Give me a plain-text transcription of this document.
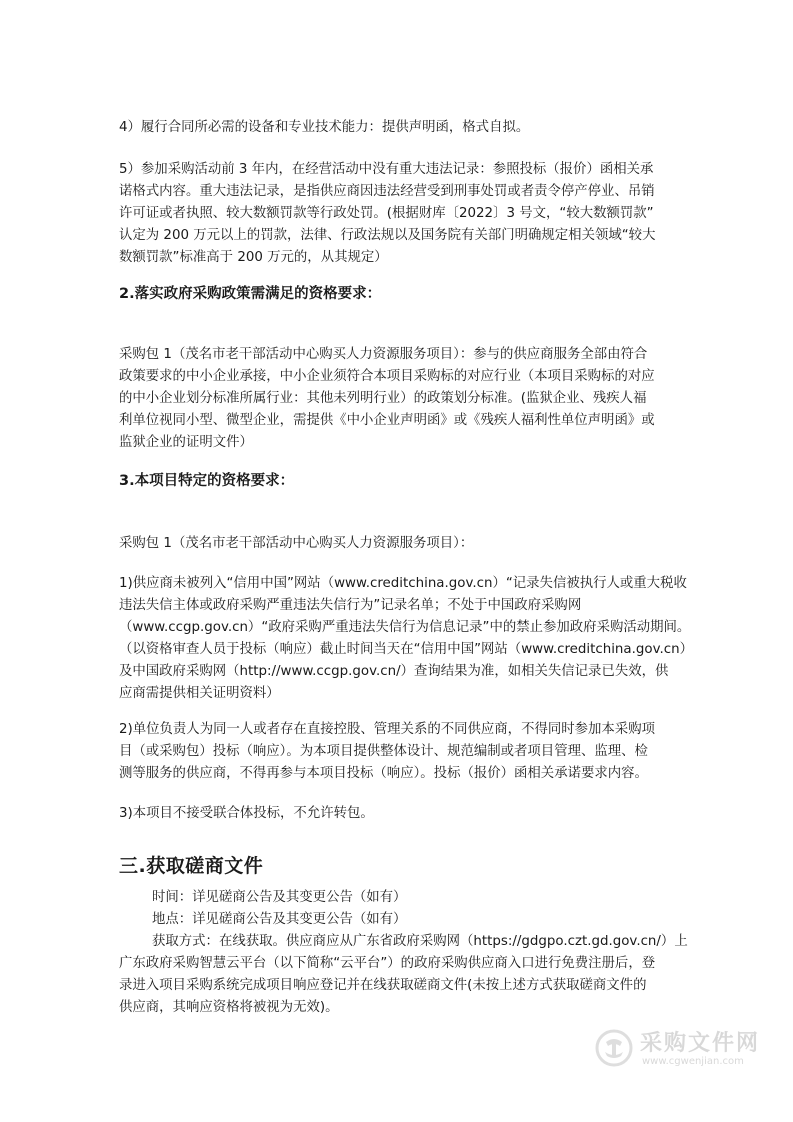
4）履行合同所必需的设备和专业技术能力：提供声明函，格式自拟。

5）参加采购活动前 3 年内，在经营活动中没有重大违法记录：参照投标（报价）函相关承
诺格式内容。重大违法记录，是指供应商因违法经营受到刑事处罚或者责令停产停业、吊销
许可证或者执照、较大数额罚款等行政处罚。(根据财库〔2022〕3 号文，“较大数额罚款”
认定为 200 万元以上的罚款，法律、行政法规以及国务院有关部门明确规定相关领域“较大
数额罚款”标准高于 200 万元的，从其规定）

2.落实政府采购政策需满足的资格要求：

采购包 1（茂名市老干部活动中心购买人力资源服务项目）：参与的供应商服务全部由符合
政策要求的中小企业承接，中小企业须符合本项目采购标的对应行业（本项目采购标的对应
的中小企业划分标准所属行业：其他未列明行业）的政策划分标准。(监狱企业、残疾人福
利单位视同小型、微型企业，需提供《中小企业声明函》或《残疾人福利性单位声明函》或
监狱企业的证明文件）

3.本项目特定的资格要求：

采购包 1（茂名市老干部活动中心购买人力资源服务项目）：

1)供应商未被列入“信用中国”网站（www.creditchina.gov.cn）“记录失信被执行人或重大税收
违法失信主体或政府采购严重违法失信行为”记录名单；不处于中国政府采购网
（www.ccgp.gov.cn）“政府采购严重违法失信行为信息记录”中的禁止参加政府采购活动期间。
（以资格审查人员于投标（响应）截止时间当天在“信用中国”网站（www.creditchina.gov.cn）
及中国政府采购网（http://www.ccgp.gov.cn/）查询结果为准，如相关失信记录已失效，供
应商需提供相关证明资料）
2)单位负责人为同一人或者存在直接控股、管理关系的不同供应商，不得同时参加本采购项
目（或采购包）投标（响应）。为本项目提供整体设计、规范编制或者项目管理、监理、检
测等服务的供应商，不得再参与本项目投标（响应）。投标（报价）函相关承诺要求内容。

3)本项目不接受联合体投标，不允许转包。

三.获取磋商文件

时间：详见磋商公告及其变更公告（如有）
地点：详见磋商公告及其变更公告（如有）
获取方式：在线获取。供应商应从广东省政府采购网（https://gdgpo.czt.gd.gov.cn/）上
广东政府采购智慧云平台（以下简称“云平台”）的政府采购供应商入口进行免费注册后，登
录进入项目采购系统完成项目响应登记并在线获取磋商文件(未按上述方式获取磋商文件的
供应商，其响应资格将被视为无效)。
采购文件网
www.cgwenjian.com
